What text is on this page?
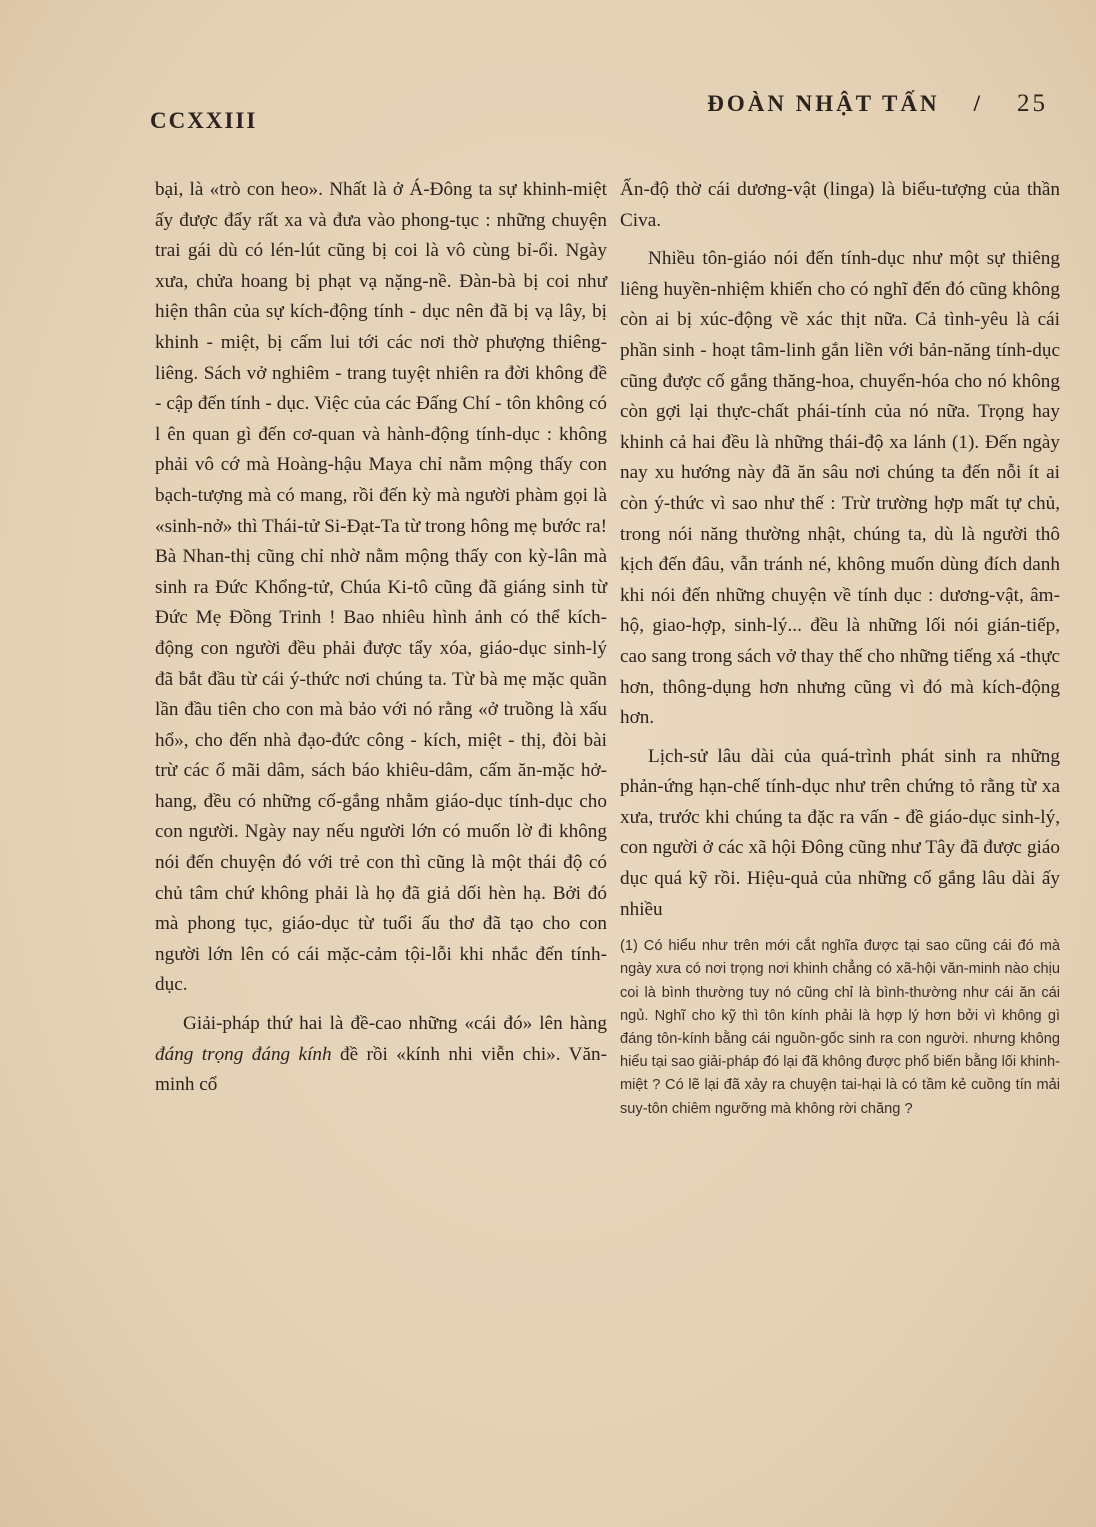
CCXXIII
ĐOÀN NHẬT TẤN / 25

bại, là «trò con heo». Nhất là ở Á-Đông ta sự khinh-miệt ấy được đẩy rất xa và đưa vào phong-tục : những chuyện trai gái dù có lén-lút cũng bị coi là vô cùng bỉ-ổi. Ngày xưa, chửa hoang bị phạt vạ nặng-nề. Đàn-bà bị coi như hiện thân của sự kích-động tính - dục nên đã bị vạ lây, bị khinh - miệt, bị cấm lui tới các nơi thờ phượng thiêng-liêng. Sách vở nghiêm - trang tuyệt nhiên ra đời không đề - cập đến tính - dục. Việc của các Đấng Chí - tôn không có l ên quan gì đến cơ-quan và hành-động tính-dục : không phải vô cớ mà Hoàng-hậu Maya chỉ nằm mộng thấy con bạch-tượng mà có mang, rồi đến kỳ mà người phàm gọi là «sinh-nở» thì Thái-tử Si-Đạt-Ta từ trong hông mẹ bước ra! Bà Nhan-thị cũng chỉ nhờ nằm mộng thấy con kỳ-lân mà sinh ra Đức Khổng-tử, Chúa Ki-tô cũng đã giáng sinh từ Đức Mẹ Đồng Trinh ! Bao nhiêu hình ảnh có thể kích-động con người đều phải được tẩy xóa, giáo-dục sinh-lý đã bắt đầu từ cái ý-thức nơi chúng ta. Từ bà mẹ mặc quần lần đầu tiên cho con mà bảo với nó rằng «ở truồng là xấu hổ», cho đến nhà đạo-đức công - kích, miệt - thị, đòi bài trừ các ổ mãi dâm, sách báo khiêu-dâm, cấm ăn-mặc hở-hang, đều có những cố-gắng nhằm giáo-dục tính-dục cho con người. Ngày nay nếu người lớn có muốn lờ đi không nói đến chuyện đó với trẻ con thì cũng là một thái độ có chủ tâm chứ không phải là họ đã giả dối hèn hạ. Bởi đó mà phong tục, giáo-dục từ tuổi ấu thơ đã tạo cho con người lớn lên có cái mặc-cảm tội-lỗi khi nhắc đến tính-dục.

Giải-pháp thứ hai là đề-cao những «cái đó» lên hàng đáng trọng đáng kính đề rồi «kính nhi viễn chi». Văn-minh cổ

Ấn-độ thờ cái dương-vật (linga) là biểu-tượng của thần Civa.

Nhiều tôn-giáo nói đến tính-dục như một sự thiêng liêng huyền-nhiệm khiến cho có nghĩ đến đó cũng không còn ai bị xúc-động về xác thịt nữa. Cả tình-yêu là cái phần sinh - hoạt tâm-linh gắn liền với bản-năng tính-dục cũng được cố gắng thăng-hoa, chuyển-hóa cho nó không còn gợi lại thực-chất phái-tính của nó nữa. Trọng hay khinh cả hai đều là những thái-độ xa lánh (1). Đến ngày nay xu hướng này đã ăn sâu nơi chúng ta đến nỗi ít ai còn ý-thức vì sao như thế : Trừ trường hợp mất tự chủ, trong nói năng thường nhật, chúng ta, dù là người thô kịch đến đâu, vẫn tránh né, không muốn dùng đích danh khi nói đến những chuyện về tính dục : dương-vật, âm-hộ, giao-hợp, sinh-lý... đều là những lối nói gián-tiếp, cao sang trong sách vở thay thế cho những tiếng xá -thực hơn, thông-dụng hơn nhưng cũng vì đó mà kích-động hơn.

Lịch-sử lâu dài của quá-trình phát sinh ra những phản-ứng hạn-chế tính-dục như trên chứng tỏ rằng từ xa xưa, trước khi chúng ta đặc ra vấn - đề giáo-dục sinh-lý, con người ở các xã hội Đông cũng như Tây đã được giáo dục quá kỹ rồi. Hiệu-quả của những cố gắng lâu dài ấy nhiều

(1) Có hiểu như trên mới cắt nghĩa được tại sao cũng cái đó mà ngày xưa có nơi trọng nơi khinh chẳng có xã-hội văn-minh nào chịu coi là bình thường tuy nó cũng chỉ là bình-thường như cái ăn cái ngủ. Nghĩ cho kỹ thì tôn kính phải là hợp lý hơn bởi vì không gì đáng tôn-kính bằng cái nguồn-gốc sinh ra con người. nhưng không hiểu tại sao giải-pháp đó lại đã không được phổ biến bằng lối khinh-miệt ? Có lẽ lại đã xảy ra chuyện tai-hại là có tầm kẻ cuồng tín mải suy-tôn chiêm ngưỡng mà không rời chăng ?
